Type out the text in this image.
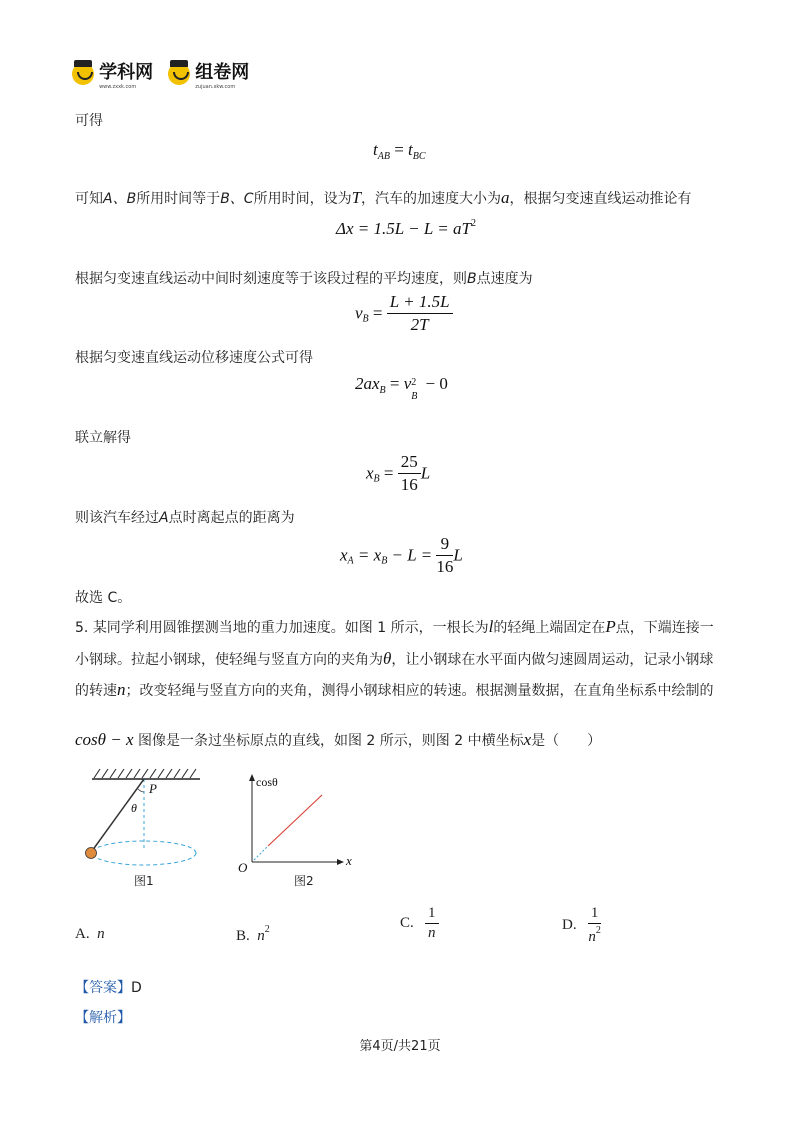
学科网
www.zxxk.com
组卷网
zujuan.xkw.com
可得
$t_{AB} = t_{BC}$
可知A、B所用时间等于B、C所用时间，设为T，汽车的加速度大小为a，根据匀变速直线运动推论有
$\Delta x = 1.5L - L = aT^2$
根据匀变速直线运动中间时刻速度等于该段过程的平均速度，则B点速度为
$v_B = \frac{L + 1.5L}{2T}$
根据匀变速直线运动位移速度公式可得
$2ax_B = v$ 2
B
− 0
联立解得
$x_B = \frac{25}{16}$ L
则该汽车经过A点时离起点的距离为
$x_A = x_B - L = \frac{9}{16}$ L
故选 C。
5. 某同学利用圆锥摆测当地的重力加速度。如图 1 所示，一根长为l的轻绳上端固定在P点，下端连接一
小钢球。拉起小钢球，使轻绳与竖直方向的夹角为θ，让小钢球在水平面内做匀速圆周运动，记录小钢球
的转速n；改变轻绳与竖直方向的夹角，测得小钢球相应的转速。根据测量数据，在直角坐标系中绘制的
cosθ − x 图像是一条过坐标原点的直线，如图 2 所示，则图 2 中横坐标x是（　　）
P
θ
图1
cosθ
x
O
图2
A. n	B. $n^2$	C. $\frac{1}{n}$	D. $\frac{1}{n^2}$
【答案】D
【解析】
第4页/共21页
